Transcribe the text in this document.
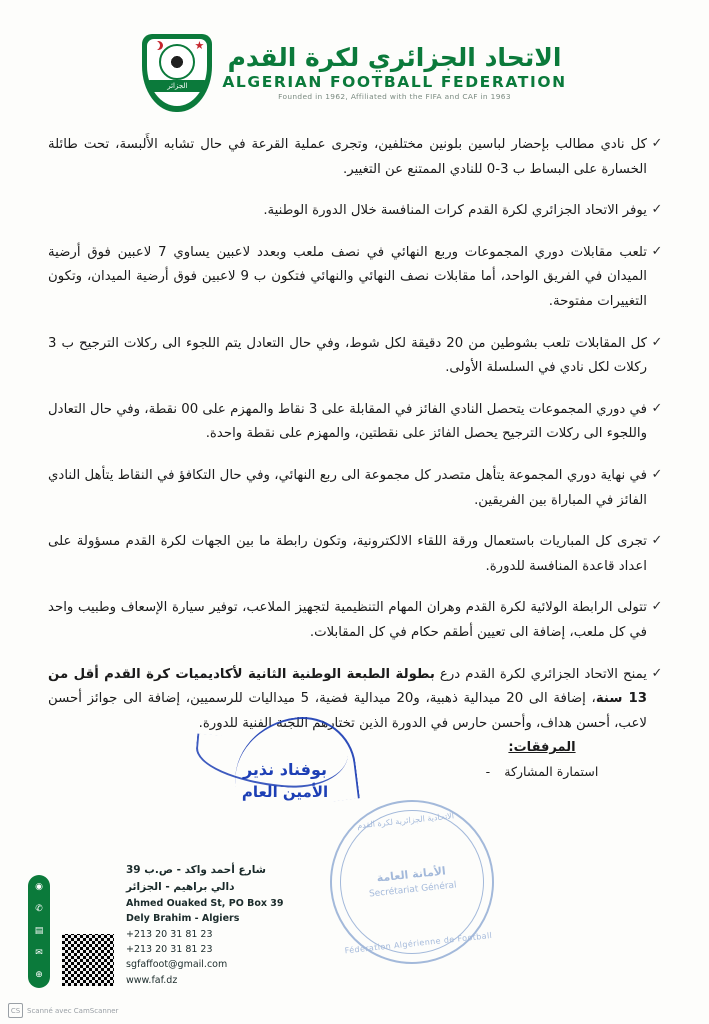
★
الجزائر
الاتحاد الجزائري لكرة القدم
ALGERIAN FOOTBALL FEDERATION
Founded in 1962, Affiliated with the FIFA and CAF in 1963
✓
كل نادي مطالب بإحضار لباسين بلونين مختلفين، وتجرى عملية القرعة في حال تشابه الأَلبسة، تحت طائلة الخسارة على البساط ب 3-0 للنادي الممتنع عن التغيير.
✓
يوفر الاتحاد الجزائري لكرة القدم كرات المنافسة خلال الدورة الوطنية.
✓
تلعب مقابلات دوري المجموعات وربع النهائي في نصف ملعب وبعدد لاعبين يساوي 7 لاعبين فوق أرضية الميدان في الفريق الواحد، أما مقابلات نصف النهائي والنهائي فتكون ب 9 لاعبين فوق أرضية الميدان، وتكون التغييرات مفتوحة.
✓
كل المقابلات تلعب بشوطين من 20 دقيقة لكل شوط، وفي حال التعادل يتم اللجوء الى ركلات الترجيح ب 3 ركلات لكل نادي في السلسلة الأولى.
✓
في دوري المجموعات يتحصل النادي الفائز في المقابلة على 3 نقاط والمهزم على 00 نقطة، وفي حال التعادل واللجوء الى ركلات الترجيح يحصل الفائز على نقطتين، والمهزم على نقطة واحدة.
✓
في نهاية دوري المجموعة يتأهل متصدر كل مجموعة الى ربع النهائي، وفي حال التكافؤ في النقاط يتأهل النادي الفائز في المباراة بين الفريقين.
✓
تجرى كل المباريات باستعمال ورقة اللقاء الالكترونية، وتكون رابطة ما بين الجهات لكرة القدم مسؤولة على اعداد قاعدة المنافسة للدورة.
✓
تتولى الرابطة الولائية لكرة القدم وهران المهام التنظيمية لتجهيز الملاعب، توفير سيارة الإسعاف وطبيب واحد في كل ملعب، إضافة الى تعيين أطقم حكام في كل المقابلات.
✓
يمنح الاتحاد الجزائري لكرة القدم درع بطولة الطبعة الوطنية الثانية لأكاديميات كرة القدم أقل من 13 سنة، إضافة الى 20 ميدالية ذهبية، و20 ميدالية فضية، 5 ميداليات للرسميين، إضافة الى جوائز أحسن لاعب، أحسن هداف، وأحسن حارس في الدورة الذين تختارهم اللجنة الفنية للدورة.
المرفقات:
استمارة المشاركة
-
الاتحادية الجزائرية لكرة القدم
الأمانة العامة
Secrétariat Général
Fédération Algérienne de Football
بوفناد نذير
الأمين العام
شارع أحمد واكد - ص.ب 39
دالي براهيم - الجزائر
Ahmed Ouaked St, PO Box 39
Dely Brahim - Algiers
+213 20 31 81 23
+213 20 31 81 23
sgfaffoot@gmail.com
www.faf.dz
◉
✆
▤
✉
⊕
CS Scanné avec CamScanner
